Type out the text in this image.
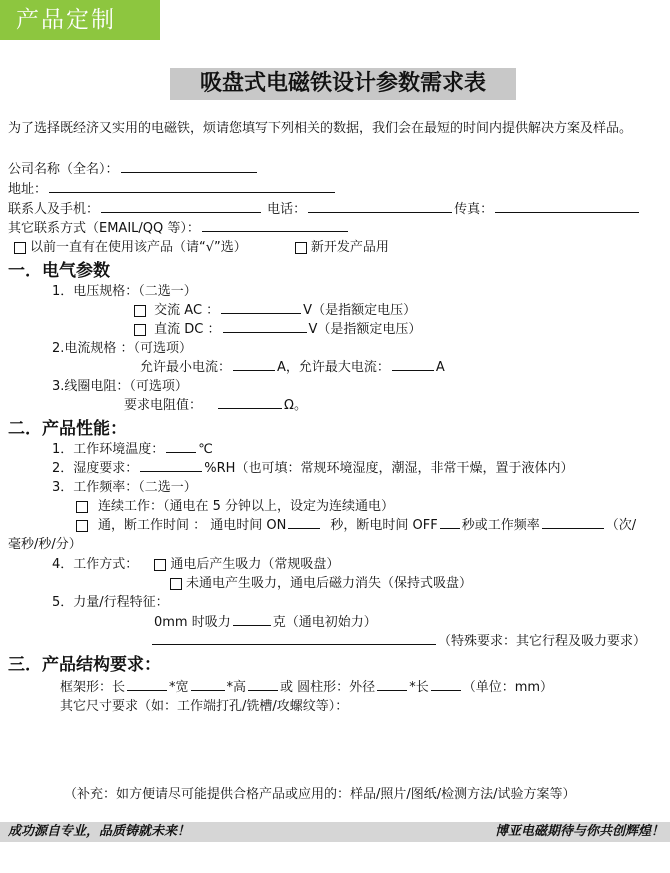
产品定制
吸盘式电磁铁设计参数需求表
为了选择既经济又实用的电磁铁，烦请您填写下列相关的数据，我们会在最短的时间内提供解决方案及样品。
公司名称（全名）：
地址：
联系人及手机：	电话：	传真：
其它联系方式（EMAIL/QQ 等）：
以前一直有在使用该产品（请“√”选）	新开发产品用
一．电气参数
1．电压规格：（二选一）
交流 AC ：	V（是指额定电压）
直流 DC ：	V（是指额定电压）
2.电流规格 ：（可选项）
允许最小电流：	A，允许最大电流：	A
3.线圈电阻：（可选项）
要求电阻值：	Ω。
二．产品性能：
1．工作环境温度：	℃
2．湿度要求：	%RH（也可填：常规环境湿度，潮湿，非常干燥，置于液体内）
3．工作频率：（二选一）
连续工作：（通电在 5 分钟以上，设定为连续通电）
通，断工作时间 ： 通电时间 ON	秒，断电时间 OFF 秒或工作频率	（次/
毫秒/秒/分）
4．工作方式： 通电后产生吸力（常规吸盘）
未通电产生吸力，通电后磁力消失（保持式吸盘）
5．力量/行程特征：
0mm 时吸力	克（通电初始力）
（特殊要求：其它行程及吸力要求）
三．产品结构要求：
框架形：长	*宽	*高	或 圆柱形：外径	*长	（单位：mm）
其它尺寸要求（如：工作端打孔/铣槽/攻螺纹等）：
（补充：如方便请尽可能提供合格产品或应用的：样品/照片/图纸/检测方法/试验方案等）
成功源自专业，品质铸就未来！	博亚电磁期待与你共创辉煌！
